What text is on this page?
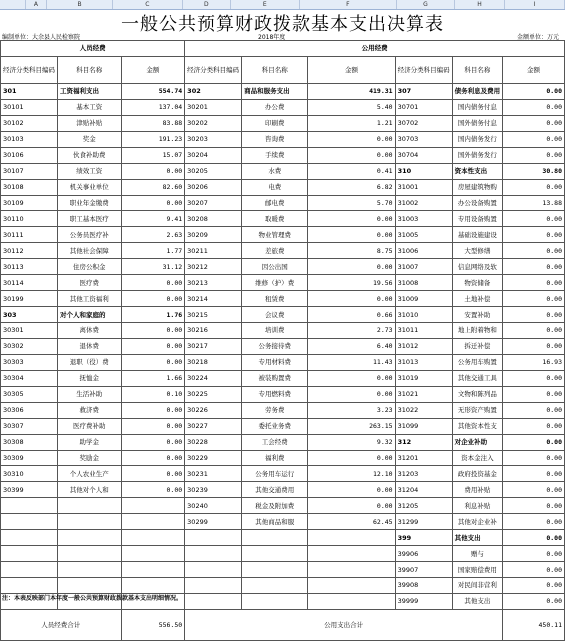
A	B	C	D	E	F	G	H	I
一般公共预算财政拨款基本支出决算表
编制单位：大余县人民检察院	2018年度	金额单位：万元
人员经费			公用经费					
经济分类科目编码	科目名称	金额	经济分类科目编码	科目名称	金额	经济分类科目编码	科目名称	金额
301	工资福利支出	554.74	302	商品和服务支出	419.31	307	债务利息及费用	0.00
30101	基本工资	137.04	30201	办公费	5.40	30701	国内债务付息	0.00
30102	津贴补贴	83.88	30202	印刷费	1.21	30702	国外债务付息	0.00
30103	奖金	191.23	30203	咨询费	0.00	30703	国内债务发行	0.00
30106	伙食补助费	15.07	30204	手续费	0.00	30704	国外债务发行	0.00
30107	绩效工资	0.00	30205	水费	0.41	310	资本性支出	30.80
30108	机关事业单位	82.60	30206	电费	6.82	31001	房屋建筑物购	0.00
30109	职业年金缴费	0.00	30207	邮电费	5.70	31002	办公设备购置	13.88
30110	职工基本医疗	9.41	30208	取暖费	0.00	31003	专用设备购置	0.00
30111	公务员医疗补	2.63	30209	物业管理费	0.00	31005	基础设施建设	0.00
30112	其他社会保障	1.77	30211	差旅费	8.75	31006	大型修缮	0.00
30113	住房公积金	31.12	30212	因公出国	0.00	31007	信息网络及软	0.00
30114	医疗费	0.00	30213	维修（护）费	19.56	31008	物资储备	0.00
30199	其他工资福利	0.00	30214	租赁费	0.00	31009	土地补偿	0.00
303	对个人和家庭的	1.76	30215	会议费	0.66	31010	安置补助	0.00
30301	离休费	0.00	30216	培训费	2.73	31011	地上附着物和	0.00
30302	退休费	0.00	30217	公务接待费	6.40	31012	拆迁补偿	0.00
30303	退职（役）费	0.00	30218	专用材料费	11.43	31013	公务用车购置	16.93
30304	抚恤金	1.66	30224	被装购置费	0.00	31019	其他交通工具	0.00
30305	生活补助	0.10	30225	专用燃料费	0.00	31021	文物和陈列品	0.00
30306	救济费	0.00	30226	劳务费	3.23	31022	无形资产购置	0.00
30307	医疗费补助	0.00	30227	委托业务费	263.15	31099	其他资本性支	0.00
30308	助学金	0.00	30228	工会经费	9.32	312	对企业补助	0.00
30309	奖励金	0.00	30229	福利费	0.00	31201	资本金注入	0.00
30310	个人农业生产	0.00	30231	公务用车运行	12.10	31203	政府投资基金	0.00
30399	其他对个人和	0.00	30239	其他交通费用	0.00	31204	费用补贴	0.00
			30240	税金及附加费	0.00	31205	利息补贴	0.00
			30299	其他商品和服	62.45	31299	其他对企业补	0.00
						399	其他支出	0.00
						39906	赠与	0.00
						39907	国家赔偿费用	0.00
						39908	对民间非营利	0.00
						39999	其他支出	0.00
人员经费合计		556.50	公用支出合计					450.11
注：本表反映部门本年度一般公共预算财政拨款基本支出明细情况。
